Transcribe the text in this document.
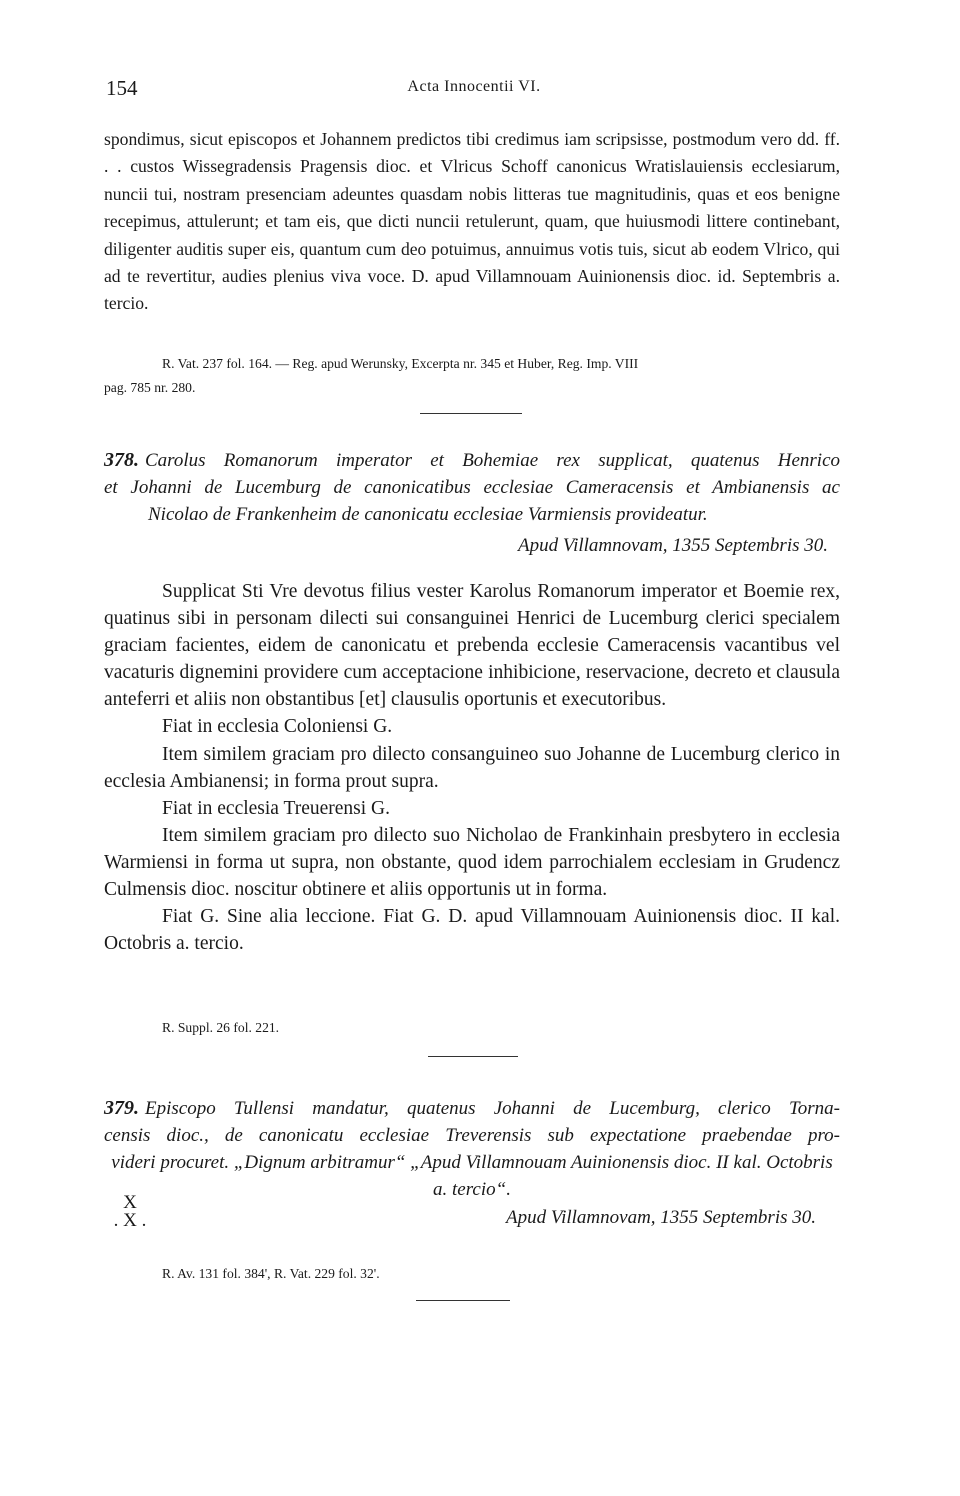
154	Acta Innocentii VI.

spondimus, sicut episcopos et Johannem predictos tibi credimus iam scripsisse, postmodum vero dd. ff. . . custos Wissegradensis Pragensis dioc. et Vlricus Schoff canonicus Wratislauiensis ecclesiarum, nuncii tui, nostram presenciam adeuntes quasdam nobis litteras tue magnitudinis, quas et eos benigne recepimus, attulerunt; et tam eis, que dicti nuncii retulerunt, quam, que huiusmodi littere continebant, diligenter auditis super eis, quantum cum deo potuimus, annuimus votis tuis, sicut ab eodem Vlrico, qui ad te revertitur, audies plenius viva voce. D. apud Villamnouam Auinionensis dioc. id. Septembris a. tercio.

R. Vat. 237 fol. 164. — Reg. apud Werunsky, Excerpta nr. 345 et Huber, Reg. Imp. VIII
pag. 785 nr. 280.
378. Carolus Romanorum imperator et Bohemiae rex supplicat, quatenus Henrico
et Johanni de Lucemburg de canonicatibus ecclesiae Cameracensis et Ambianensis ac
Nicolao de Frankenheim de canonicatu ecclesiae Varmiensis provideatur.
Apud Villamnovam, 1355 Septembris 30.

Supplicat Sti Vre devotus filius vester Karolus Romanorum imperator et Boemie rex, quatinus sibi in personam dilecti sui consanguinei Henrici de Lucemburg clerici specialem graciam facientes, eidem de canonicatu et prebenda ecclesie Cameracensis vacantibus vel vacaturis dignemini providere cum acceptacione inhibicione, reservacione, decreto et clausula anteferri et aliis non obstantibus [et] clausulis oportunis et executoribus.

Fiat in ecclesia Coloniensi G.

Item similem graciam pro dilecto consanguineo suo Johanne de Lucemburg clerico in ecclesia Ambianensi; in forma prout supra.

Fiat in ecclesia Treuerensi G.

Item similem graciam pro dilecto suo Nicholao de Frankinhain presbytero in ecclesia Warmiensi in forma ut supra, non obstante, quod idem parrochialem ecclesiam in Grudencz Culmensis dioc. noscitur obtinere et aliis opportunis ut in forma.

Fiat G. Sine alia leccione. Fiat G. D. apud Villamnouam Auinionensis dioc. II kal. Octobris a. tercio.

R. Suppl. 26 fol. 221.
379. Episcopo Tullensi mandatur, quatenus Johanni de Lucemburg, clerico Torna-
censis dioc., de canonicatu ecclesiae Treverensis sub expectatione praebendae pro-
videri procuret. „Dignum arbitramur“ „Apud Villamnouam Auinionensis dioc. II kal. Octobris a. tercio“.
X
. X .	Apud Villamnovam, 1355 Septembris 30.
R. Av. 131 fol. 384', R. Vat. 229 fol. 32'.
